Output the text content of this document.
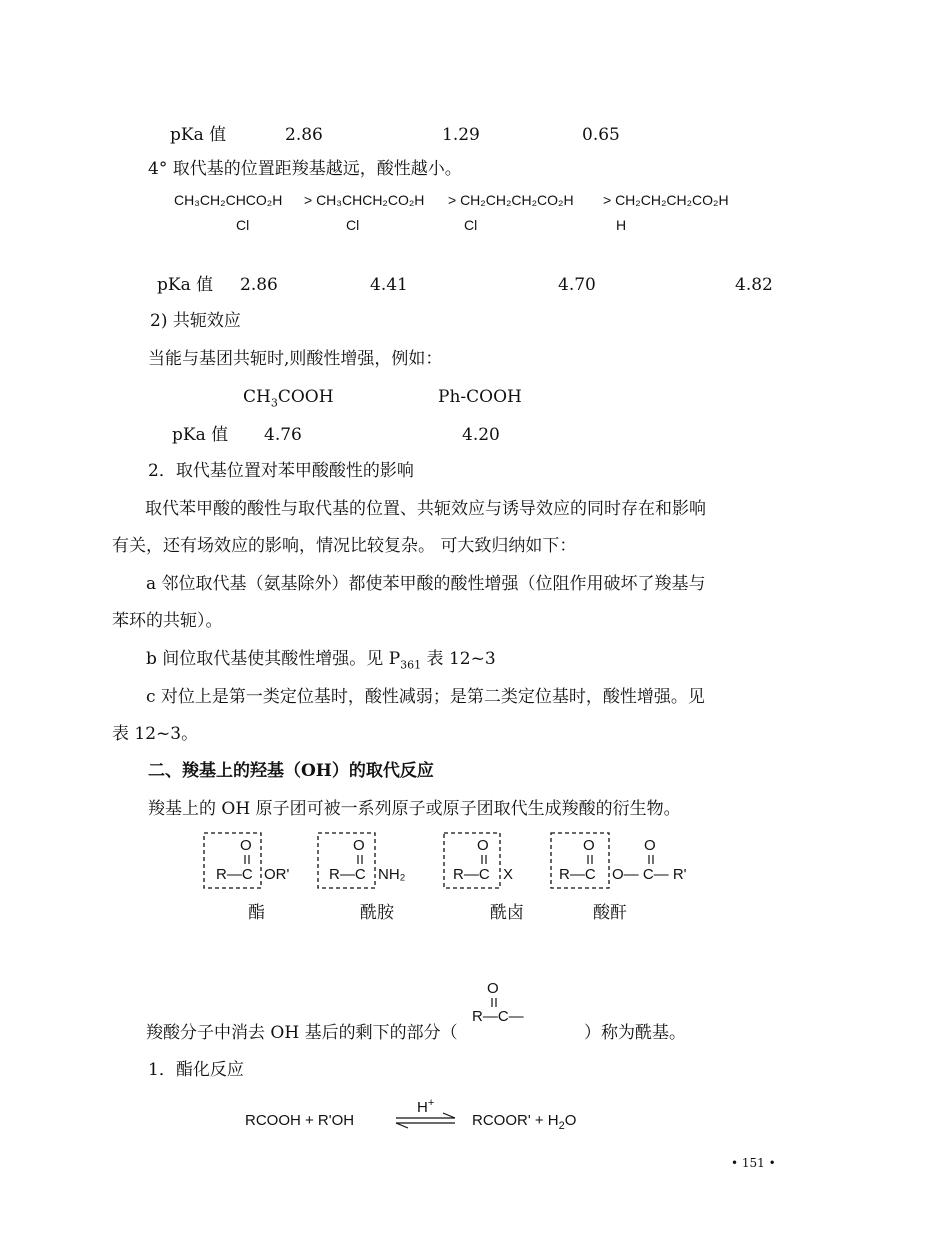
pKa 值	2.86	1.29	0.65
4° 取代基的位置距羧基越远，酸性越小。
CH₃CH₂CHCO₂H > CH₃CHCH₂CO₂H > CH₂CH₂CH₂CO₂H > CH₂CH₂CH₂CO₂H
Cl	Cl	Cl	H
pKa 值 2.86	4.41	4.70	4.82
2) 共轭效应
当能与基团共轭时,则酸性增强，例如：
$CH_3COOH$	Ph-COOH
pKa 值 4.76	4.20
2．取代基位置对苯甲酸酸性的影响
取代苯甲酸的酸性与取代基的位置、共轭效应与诱导效应的同时存在和影响
有关，还有场效应的影响，情况比较复杂。 可大致归纳如下：
a 邻位取代基（氨基除外）都使苯甲酸的酸性增强（位阻作用破坏了羧基与
苯环的共轭）。
b 间位取代基使其酸性增强。见 $P_{361}$ 表 12~3
c 对位上是第一类定位基时，酸性减弱；是第二类定位基时，酸性增强。见
表 12~3。
二、羧基上的羟基（OH）的取代反应
羧基上的 OH 原子团可被一系列原子或原子团取代生成羧酸的衍生物。
O	O	O	O	O
R—C OR'	R—C NH₂	R—C X	R—C O— C— R'
酯	酰胺	酰卤	酸酐
O
R—C—
羧酸分子中消去 OH 基后的剩下的部分（	）称为酰基。
1．酯化反应
RCOOH + R'OH
H+
RCOOR' + $H_2O$
• 151 •
